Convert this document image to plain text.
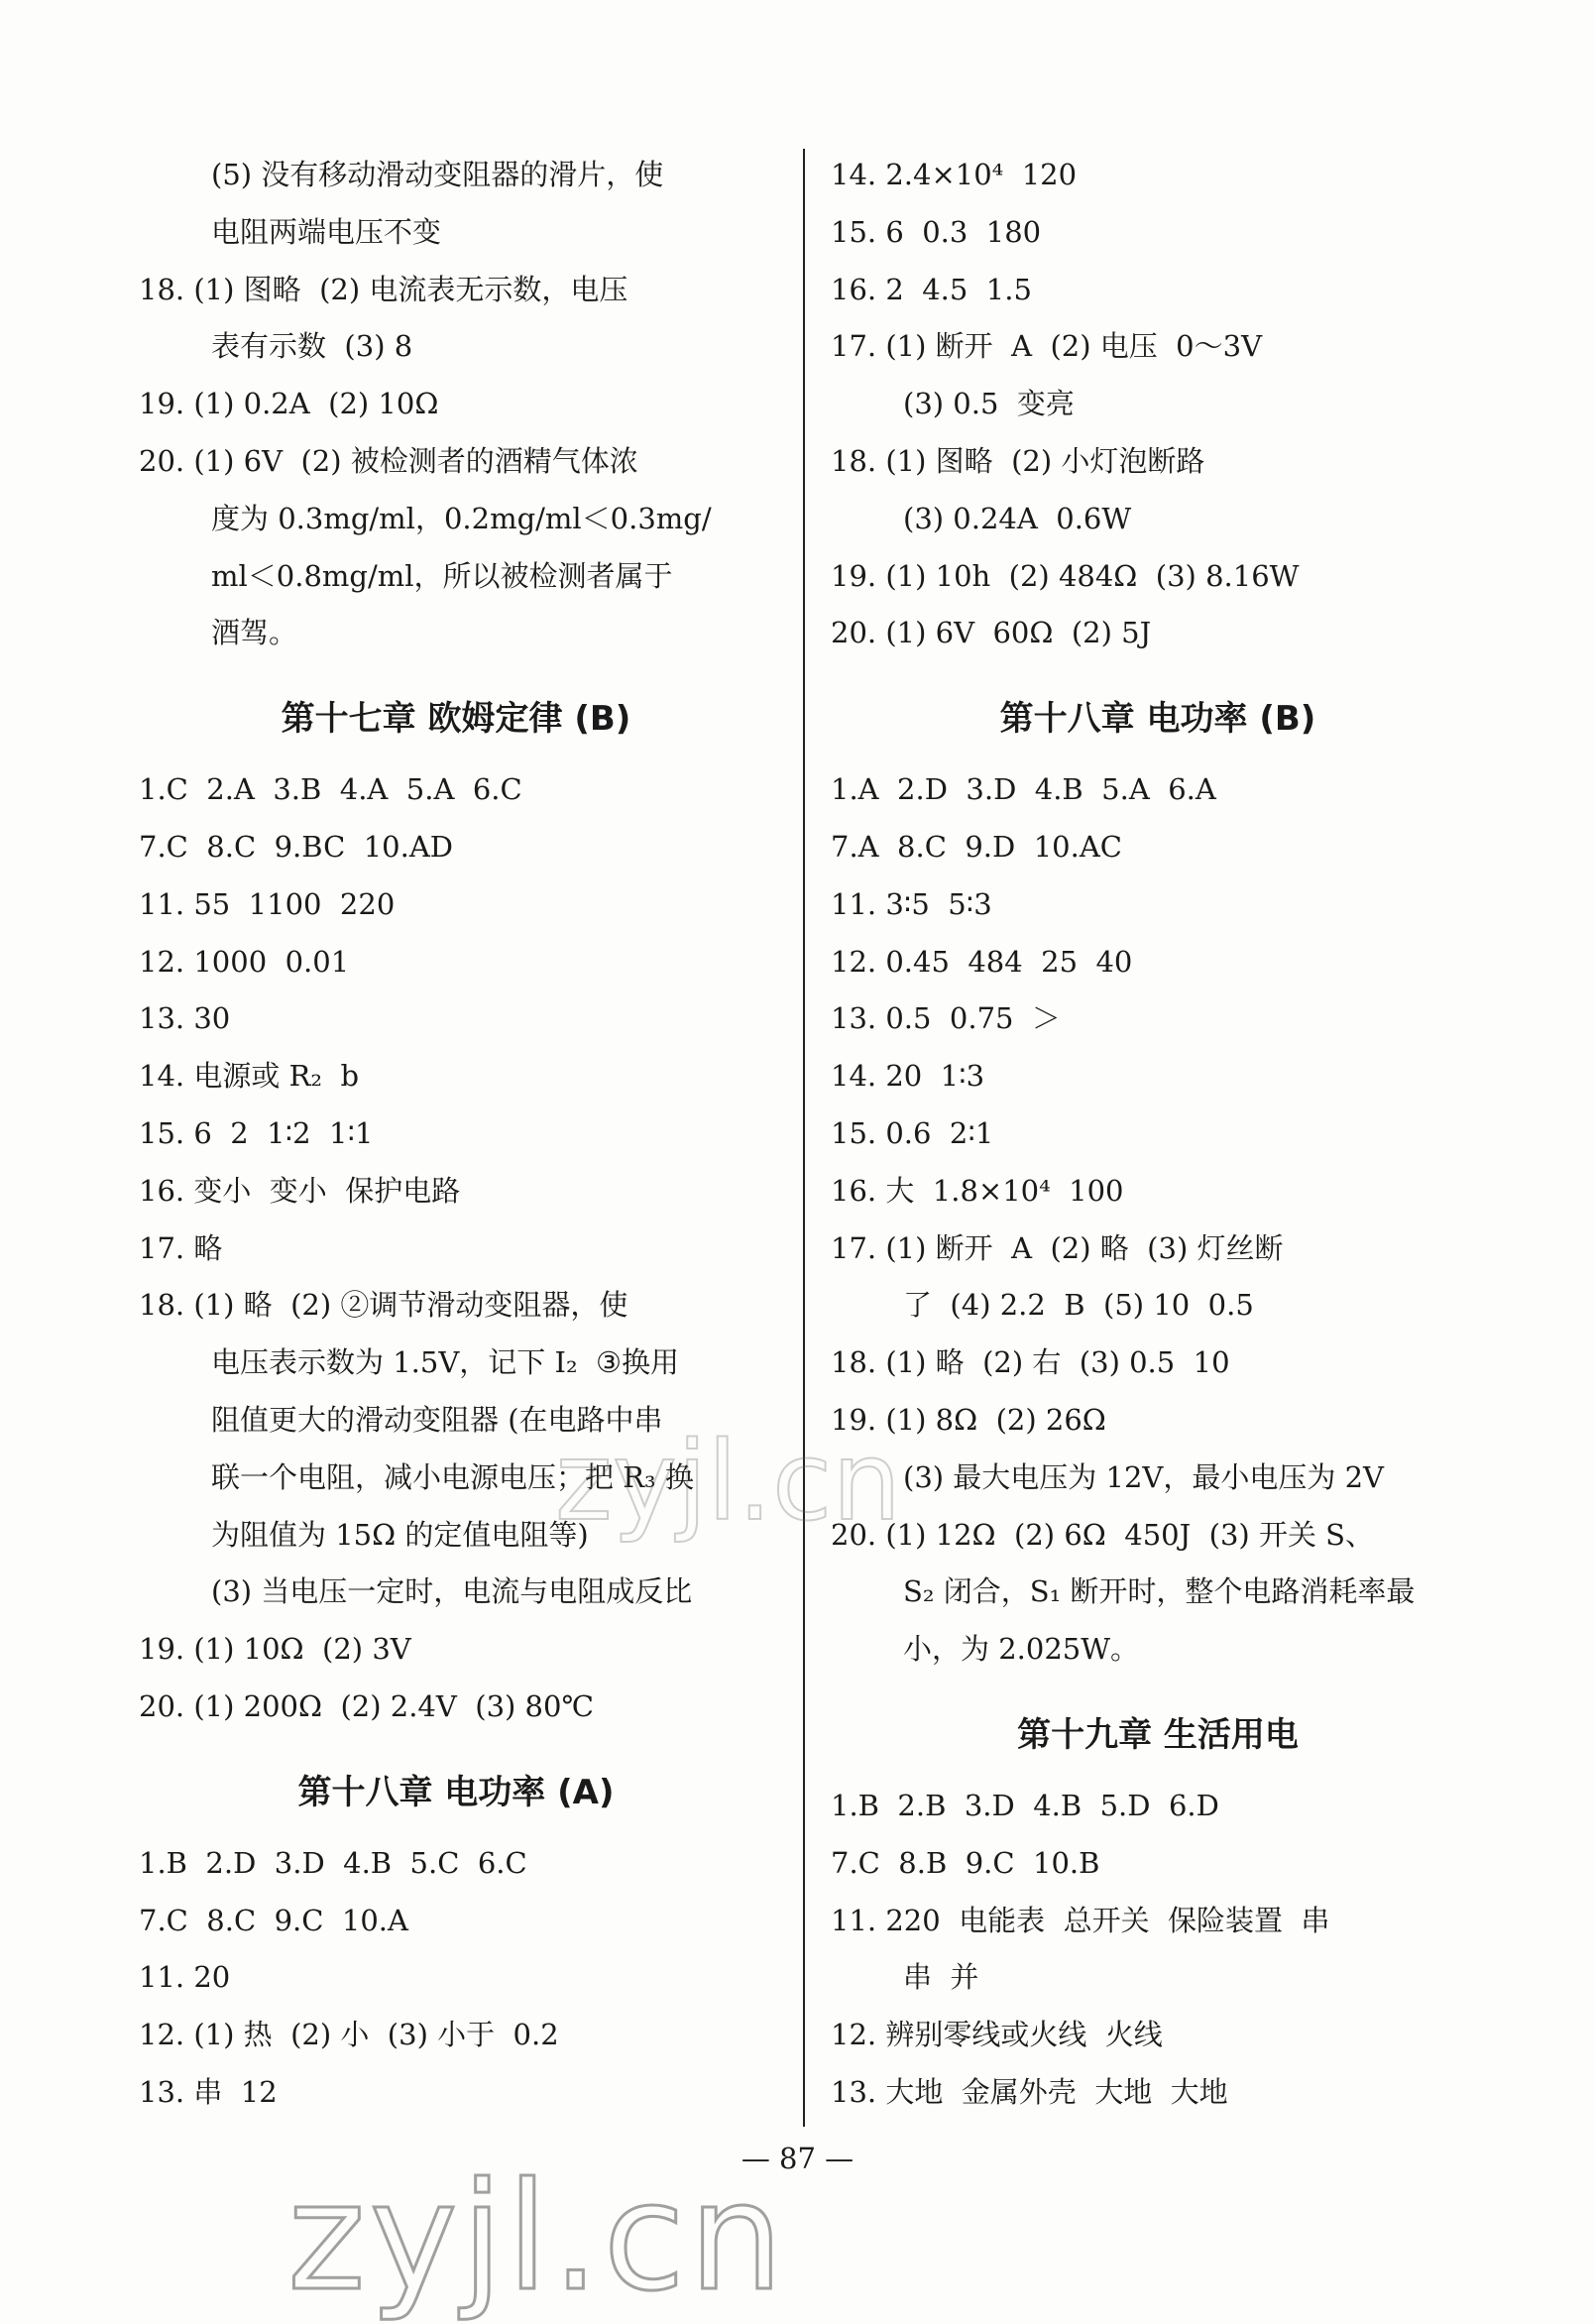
(5) 没有移动滑动变阻器的滑片，使
电阻两端电压不变
18. (1) 图略  (2) 电流表无示数，电压
表有示数  (3) 8
19. (1) 0.2A  (2) 10Ω
20. (1) 6V  (2) 被检测者的酒精气体浓
度为 0.3mg/ml，0.2mg/ml＜0.3mg/
ml＜0.8mg/ml，所以被检测者属于
酒驾。
第十七章 欧姆定律 (B)
1.C  2.A  3.B  4.A  5.A  6.C
7.C  8.C  9.BC  10.AD
11. 55  1100  220
12. 1000  0.01
13. 30
14. 电源或 R₂  b
15. 6  2  1∶2  1∶1
16. 变小  变小  保护电路
17. 略
18. (1) 略  (2) ②调节滑动变阻器，使
电压表示数为 1.5V，记下 I₂  ③换用
阻值更大的滑动变阻器 (在电路中串
联一个电阻，减小电源电压；把 R₃ 换
为阻值为 15Ω 的定值电阻等)
(3) 当电压一定时，电流与电阻成反比
19. (1) 10Ω  (2) 3V
20. (1) 200Ω  (2) 2.4V  (3) 80℃
第十八章 电功率 (A)
1.B  2.D  3.D  4.B  5.C  6.C
7.C  8.C  9.C  10.A
11. 20
12. (1) 热  (2) 小  (3) 小于  0.2
13. 串  12
14. 2.4×10⁴  120
15. 6  0.3  180
16. 2  4.5  1.5
17. (1) 断开  A  (2) 电压  0～3V
(3) 0.5  变亮
18. (1) 图略  (2) 小灯泡断路
(3) 0.24A  0.6W
19. (1) 10h  (2) 484Ω  (3) 8.16W
20. (1) 6V  60Ω  (2) 5J
第十八章 电功率 (B)
1.A  2.D  3.D  4.B  5.A  6.A
7.A  8.C  9.D  10.AC
11. 3∶5  5∶3
12. 0.45  484  25  40
13. 0.5  0.75  ＞
14. 20  1∶3
15. 0.6  2∶1
16. 大  1.8×10⁴  100
17. (1) 断开  A  (2) 略  (3) 灯丝断
了  (4) 2.2  B  (5) 10  0.5
18. (1) 略  (2) 右  (3) 0.5  10
19. (1) 8Ω  (2) 26Ω
(3) 最大电压为 12V，最小电压为 2V
20. (1) 12Ω  (2) 6Ω  450J  (3) 开关 S、
S₂ 闭合，S₁ 断开时，整个电路消耗率最
小，为 2.025W。
第十九章 生活用电
1.B  2.B  3.D  4.B  5.D  6.D
7.C  8.B  9.C  10.B
11. 220  电能表  总开关  保险装置  串
串  并
12. 辨别零线或火线  火线
13. 大地  金属外壳  大地  大地
zyjl.cn
— 87 —
zyjl.cn
